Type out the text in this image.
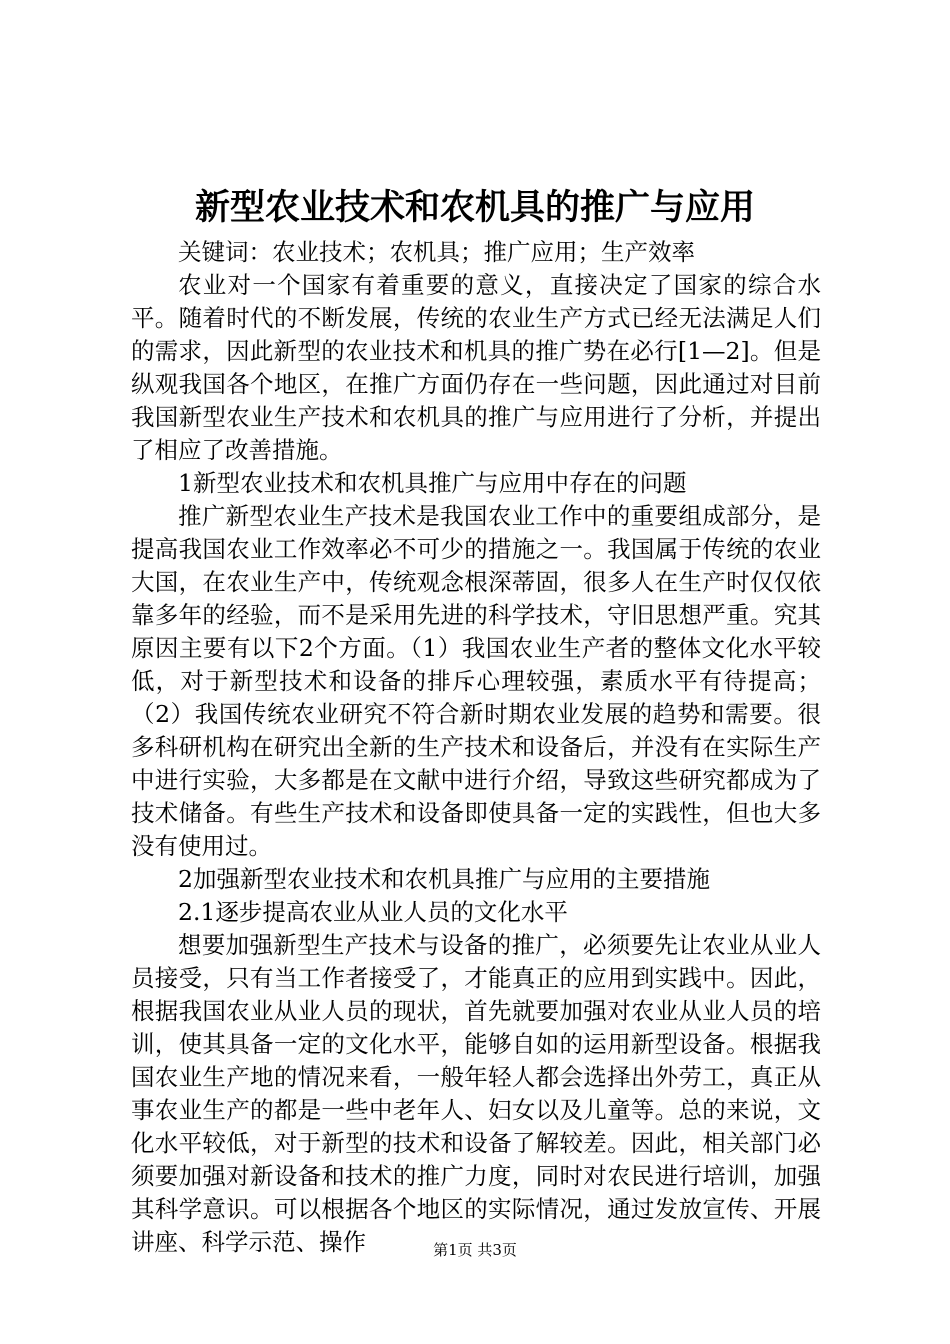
新型农业技术和农机具的推广与应用

关键词：农业技术；农机具；推广应用；生产效率

农业对一个国家有着重要的意义，直接决定了国家的综合水平。随着时代的不断发展，传统的农业生产方式已经无法满足人们的需求，因此新型的农业技术和机具的推广势在必行[1—2]。但是纵观我国各个地区，在推广方面仍存在一些问题，因此通过对目前我国新型农业生产技术和农机具的推广与应用进行了分析，并提出了相应了改善措施。

1新型农业技术和农机具推广与应用中存在的问题

推广新型农业生产技术是我国农业工作中的重要组成部分，是提高我国农业工作效率必不可少的措施之一。我国属于传统的农业大国，在农业生产中，传统观念根深蒂固，很多人在生产时仅仅依靠多年的经验，而不是采用先进的科学技术，守旧思想严重。究其原因主要有以下2个方面。（1）我国农业生产者的整体文化水平较低，对于新型技术和设备的排斥心理较强，素质水平有待提高；（2）我国传统农业研究不符合新时期农业发展的趋势和需要。很多科研机构在研究出全新的生产技术和设备后，并没有在实际生产中进行实验，大多都是在文献中进行介绍，导致这些研究都成为了技术储备。有些生产技术和设备即使具备一定的实践性，但也大多没有使用过。

2加强新型农业技术和农机具推广与应用的主要措施

2.1逐步提高农业从业人员的文化水平

想要加强新型生产技术与设备的推广，必须要先让农业从业人员接受，只有当工作者接受了，才能真正的应用到实践中。因此，根据我国农业从业人员的现状，首先就要加强对农业从业人员的培训，使其具备一定的文化水平，能够自如的运用新型设备。根据我国农业生产地的情况来看，一般年轻人都会选择出外劳工，真正从事农业生产的都是一些中老年人、妇女以及儿童等。总的来说，文化水平较低，对于新型的技术和设备了解较差。因此，相关部门必须要加强对新设备和技术的推广力度，同时对农民进行培训，加强其科学意识。可以根据各个地区的实际情况，通过发放宣传、开展讲座、科学示范、操作	第1页 共3页
